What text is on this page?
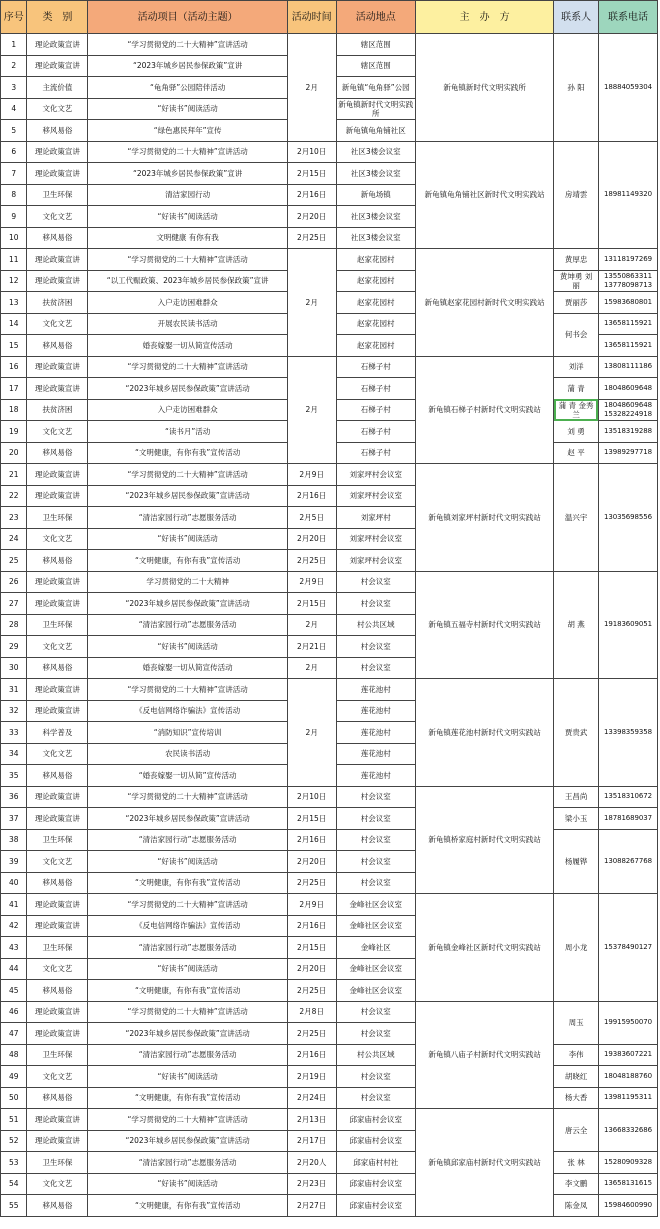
序号	类　别	活动项目（活动主题）	活动时间	活动地点	主　办　方	联系人	联系电话
1	理论政策宣讲	“学习贯彻党的二十大精神”宣讲活动	2月	辖区范围	新龟镇新时代文明实践所	孙 阳	18884059304
2	理论政策宣讲	“2023年城乡居民参保政策”宣讲		辖区范围			
3	主流价值	“龟角驿”公园陪伴活动		新龟镇“龟角驿”公园			
4	文化文艺	“好读书”阅读活动		新龟镇新时代文明实践所			
5	移风易俗	“绿色惠民拜年”宣传		新龟镇龟角铺社区			
6	理论政策宣讲	“学习贯彻党的二十大精神”宣讲活动	2月10日	社区3楼会议室	新龟镇龟角铺社区新时代文明实践站	房靖雲	18981149320
7	理论政策宣讲	“2023年城乡居民参保政策”宣讲	2月15日	社区3楼会议室			
8	卫生环保	清洁家园行动	2月16日	新龟场镇			
9	文化文艺	“好读书”阅读活动	2月20日	社区3楼会议室			
10	移风易俗	文明健康 有你有我	2月25日	社区3楼会议室			
11	理论政策宣讲	“学习贯彻党的二十大精神”宣讲活动	2月	赵家花园村	新龟镇赵家花园村新时代文明实践站	黄厚忠	13118197269
12	理论政策宣讲	“以工代赈政策、2023年城乡居民参保政策”宣讲		赵家花园村		黄坤勇 刘 丽	13550863311 13778098713
13	扶贫济困	入户走访困难群众		赵家花园村		贾丽莎	15983680801
14	文化文艺	开展农民读书活动		赵家花园村		何书会	13658115921
15	移风易俗	婚丧嫁娶一切从简宣传活动		赵家花园村			13658115921
16	理论政策宣讲	“学习贯彻党的二十大精神”宣讲活动	2月	石梯子村	新龟镇石梯子村新时代文明实践站	刘洋	13808111186
17	理论政策宣讲	“2023年城乡居民参保政策”宣讲活动		石梯子村		蒲 青	18048609648
18	扶贫济困	入户走访困难群众		石梯子村		蒲 青 金秀兰	18048609648 15328224918
19	文化文艺	“读书月”活动		石梯子村		刘 勇	13518319288
20	移风易俗	“文明健康，有你有我”宣传活动		石梯子村		赵 平	13989297718
21	理论政策宣讲	“学习贯彻党的二十大精神”宣讲活动	2月9日	刘家坪村会议室	新龟镇刘家坪村新时代文明实践站	温兴宇	13035698556
22	理论政策宣讲	“2023年城乡居民参保政策”宣讲活动	2月16日	刘家坪村会议室			
23	卫生环保	“清洁家园行动”志愿服务活动	2月5日	刘家坪村			
24	文化文艺	“好读书”阅读活动	2月20日	刘家坪村会议室			
25	移风易俗	“文明健康，有你有我”宣传活动	2月25日	刘家坪村会议室			
26	理论政策宣讲	学习贯彻党的二十大精神	2月9日	村会议室	新龟镇五福寺村新时代文明实践站	胡 燕	19183609051
27	理论政策宣讲	“2023年城乡居民参保政策”宣讲活动	2月15日	村会议室			
28	卫生环保	“清洁家园行动”志愿服务活动	2月	村公共区域			
29	文化文艺	“好读书”阅读活动	2月21日	村会议室			
30	移风易俗	婚丧嫁娶一切从简宣传活动	2月	村会议室			
31	理论政策宣讲	“学习贯彻党的二十大精神”宣讲活动	2月	莲花池村	新龟镇莲花池村新时代文明实践站	贾贵武	13398359358
32	理论政策宣讲	《反电信网络诈骗法》宣传活动		莲花池村			
33	科学普及	“消防知识”宣传培训		莲花池村			
34	文化文艺	农民读书活动		莲花池村			
35	移风易俗	“婚丧嫁娶一切从简”宣传活动		莲花池村			
36	理论政策宣讲	“学习贯彻党的二十大精神”宣讲活动	2月10日	村会议室	新龟镇桥家庭村新时代文明实践站	王昌尚	13518310672
37	理论政策宣讲	“2023年城乡居民参保政策”宣讲活动	2月15日	村会议室		梁小玉	18781689037
38	卫生环保	“清洁家园行动”志愿服务活动	2月16日	村会议室		杨履铧	13088267768
39	文化文艺	“好读书”阅读活动	2月20日	村会议室			
40	移风易俗	“文明健康，有你有我”宣传活动	2月25日	村会议室			
41	理论政策宣讲	“学习贯彻党的二十大精神”宣讲活动	2月9日	金峰社区会议室	新龟镇金峰社区新时代文明实践站	周小龙	15378490127
42	理论政策宣讲	《反电信网络诈骗法》宣传活动	2月16日	金峰社区会议室			
43	卫生环保	“清洁家园行动”志愿服务活动	2月15日	金峰社区			
44	文化文艺	“好读书”阅读活动	2月20日	金峰社区会议室			
45	移风易俗	“文明健康，有你有我”宣传活动	2月25日	金峰社区会议室			
46	理论政策宣讲	“学习贯彻党的二十大精神”宣讲活动	2月8日	村会议室	新龟镇八庙子村新时代文明实践站	周玉	19915950070
47	理论政策宣讲	“2023年城乡居民参保政策”宣讲活动	2月25日	村会议室			
48	卫生环保	“清洁家园行动”志愿服务活动	2月16日	村公共区域		李伟	19383607221
49	文化文艺	“好读书”阅读活动	2月19日	村会议室		胡晓红	18048188760
50	移风易俗	“文明健康，有你有我”宣传活动	2月24日	村会议室		杨大香	13981195311
51	理论政策宣讲	“学习贯彻党的二十大精神”宣讲活动	2月13日	邱家庙村会议室	新龟镇邱家庙村新时代文明实践站	唐云全	13668332686
52	理论政策宣讲	“2023年城乡居民参保政策”宣讲活动	2月17日	邱家庙村会议室			
53	卫生环保	“清洁家园行动”志愿服务活动	2月20人	邱家庙村村社		张 林	15280909328
54	文化文艺	“好读书”阅读活动	2月23日	邱家庙村会议室		李文鹏	13658131615
55	移风易俗	“文明健康，有你有我”宣传活动	2月27日	邱家庙村会议室		陈金凤	15984600990
